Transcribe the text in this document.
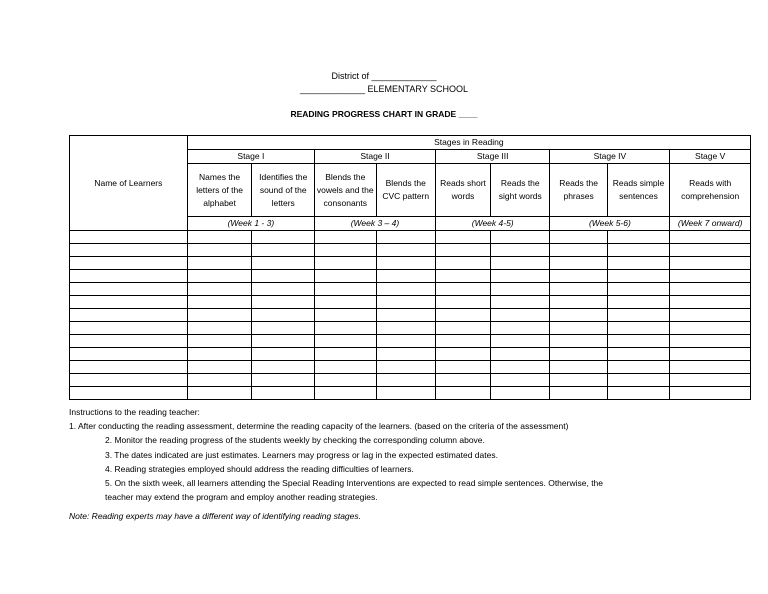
District of _____________
_____________ ELEMENTARY SCHOOL
READING PROGRESS CHART IN GRADE ____
Name of Learners	Stages in Reading								
	Stage I		Stage II		Stage III		Stage IV		Stage V
	Names the letters of the alphabet	Identifies the sound of the letters	Blends the vowels and the consonants	Blends the CVC pattern	Reads short words	Reads the sight words	Reads the phrases	Reads simple sentences	Reads with comprehension
	(Week 1 - 3)		(Week 3 – 4)		(Week 4-5)		(Week 5-6)		(Week 7 onward)

Instructions to the reading teacher:
1. After conducting the reading assessment, determine the reading capacity of the learners. (based on the criteria of the assessment)
2. Monitor the reading progress of the students weekly by checking the corresponding column above.
3. The dates indicated are just estimates. Learners may progress or lag in the expected estimated dates.
4. Reading strategies employed should address the reading difficulties of learners.
5. On the sixth week, all learners attending the Special Reading Interventions are expected to read simple sentences. Otherwise, the
teacher may extend the program and employ another reading strategies.
Note: Reading experts may have a different way of identifying reading stages.
